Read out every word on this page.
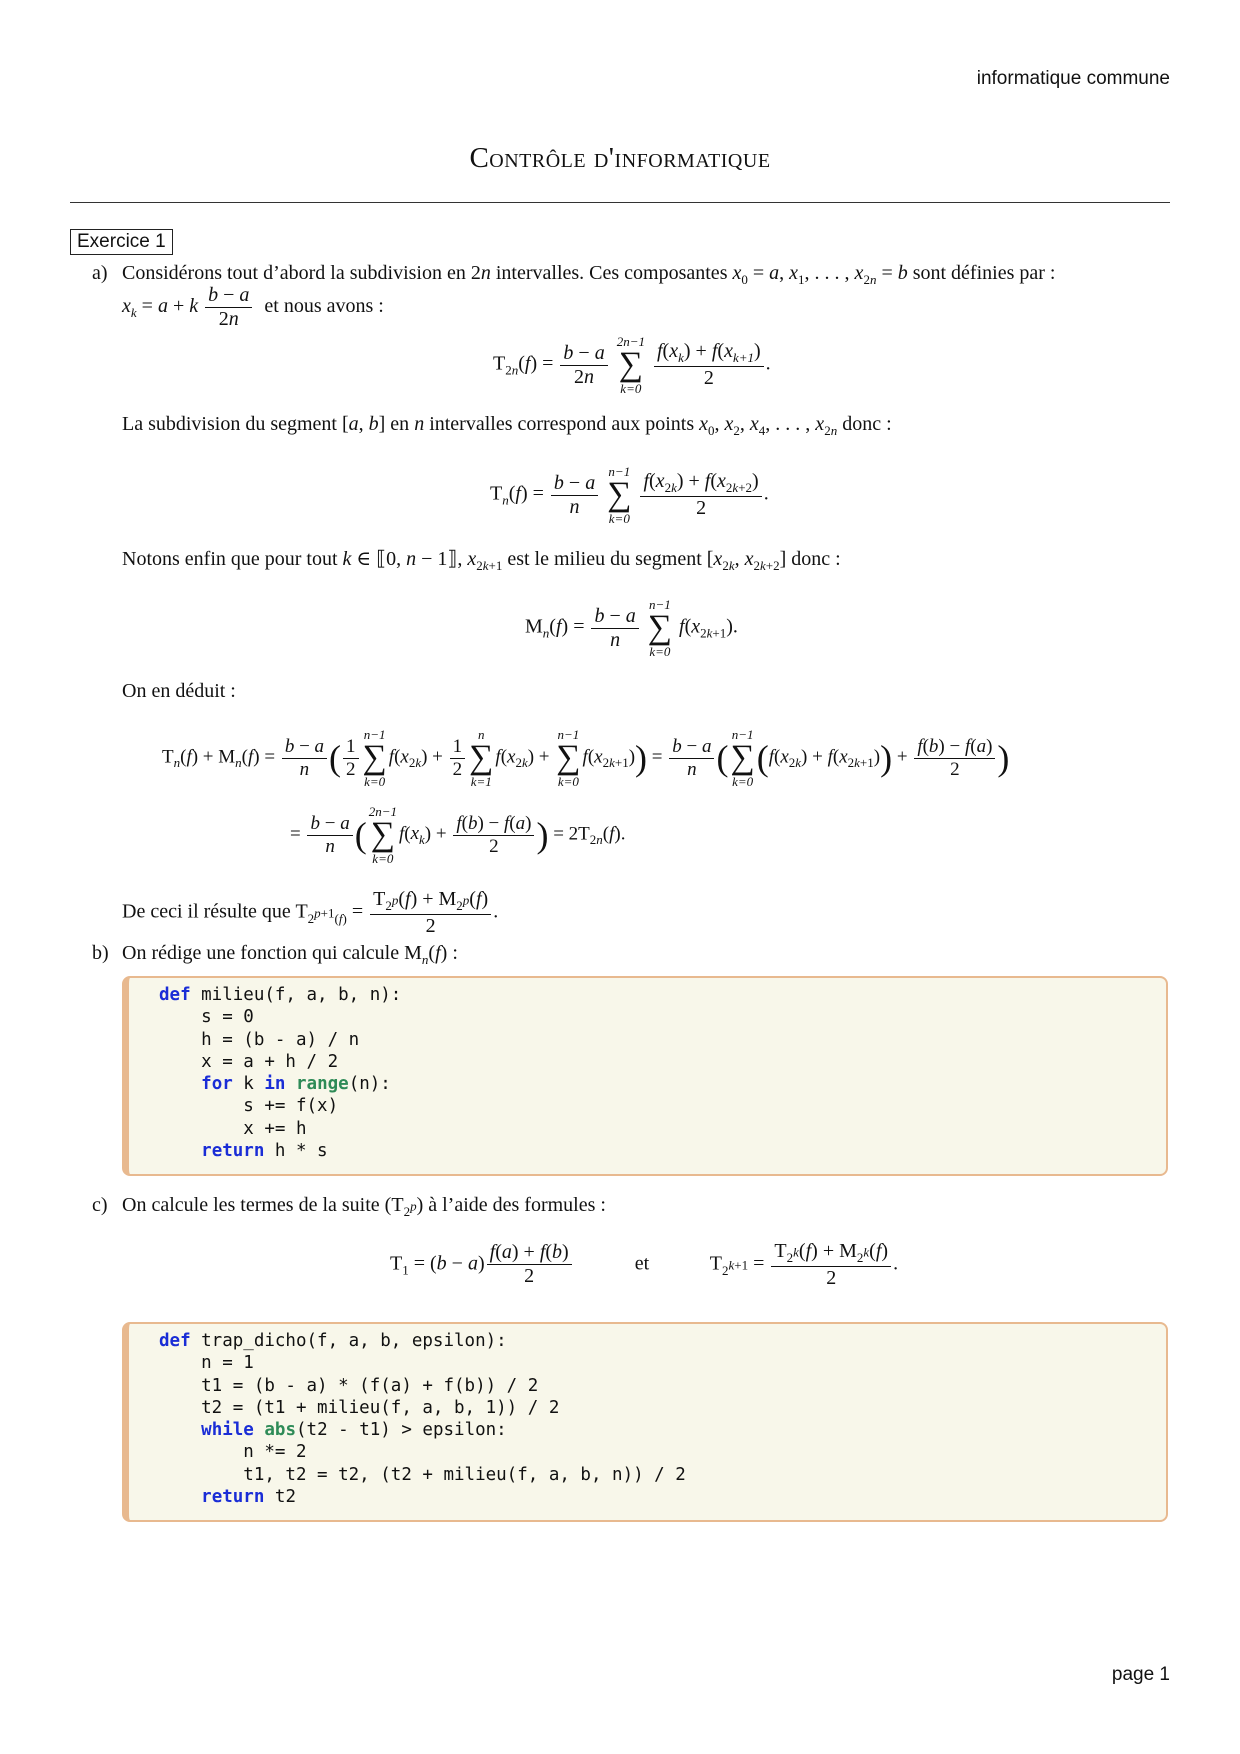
informatique commune
Contrôle d'informatique
Exercice 1
a) Considérons tout d’abord la subdivision en 2n intervalles. Ces composantes $x_0 = a$, $x_1$, . . . , $x_{2n} = b$ sont définies par :
$x_k = a + k \frac{b - a}{2n}$ et nous avons :
$T_{2n}(f) = \frac{b - a}{2n}$
2n−1
∑
k=0
$\frac{f(x_k) + f(x_{k+1})}{2}$ .
La subdivision du segment [a, b] en n intervalles correspond aux points $x_0$, $x_2$, $x_4$, . . . , $x_{2n}$ donc :
$T_n(f) = \frac{b - a}{n}$
n−1
∑
k=0
$\frac{f(x_{2k}) + f(x_{2k+2})}{2}$ .
Notons enfin que pour tout k ∈ ⟦0, n − 1⟧, $x_{2k+1}$ est le milieu du segment [$x_{2k}$, $x_{2k+2}$] donc :
$M_n(f) = \frac{b - a}{n}$
n−1
∑
k=0
$f(x_{2k+1})$.
On en déduit :
$T_n(f) + M_n(f) = \frac{b - a}{n}$ ( $\frac{1}{2}$
n−1
∑
k=0
$f(x_{2k}) + \frac{1}{2}$
n
∑
k=1
$f(x_{2k})$ +
n−1
∑
k=0
$f(x_{2k+1})) = \frac{b - a}{n}$ (
n−1
∑
k=0
$(f(x_{2k}) + f(x_{2k+1})) + \frac{f(b) - f(a)}{2}$ )
= $\frac{b - a}{n}$ (
2n−1
∑
k=0
$f(x_k) + \frac{f(b) - f(a)}{2}$ ) = $2T_{2n}(f)$.
De ceci il résulte que $T_{2^{p+1}(f)} = \frac{T_{2^p}(f) + M_{2^p}(f)}{2}$ .
b) On rédige une fonction qui calcule $M_n(f)$ :
def milieu(f, a, b, n):
s = 0
h = (b - a) / n
x = a + h / 2
for k in range(n):
s += f(x)
x += h
return h * s
c) On calcule les termes de la suite $(T_{2^p})$ à l’aide des formules :
$T_1 = (b - a) \frac{f(a) + f(b)}{2}$	et	$T_{2^{k+1}} = \frac{T_{2^k}(f) + M_{2^k}(f)}{2}$ .
def trap_dicho(f, a, b, epsilon):
n = 1
t1 = (b - a) * (f(a) + f(b)) / 2
t2 = (t1 + milieu(f, a, b, 1)) / 2
while abs(t2 - t1) > epsilon:
n *= 2
t1, t2 = t2, (t2 + milieu(f, a, b, n)) / 2
return t2
page 1
